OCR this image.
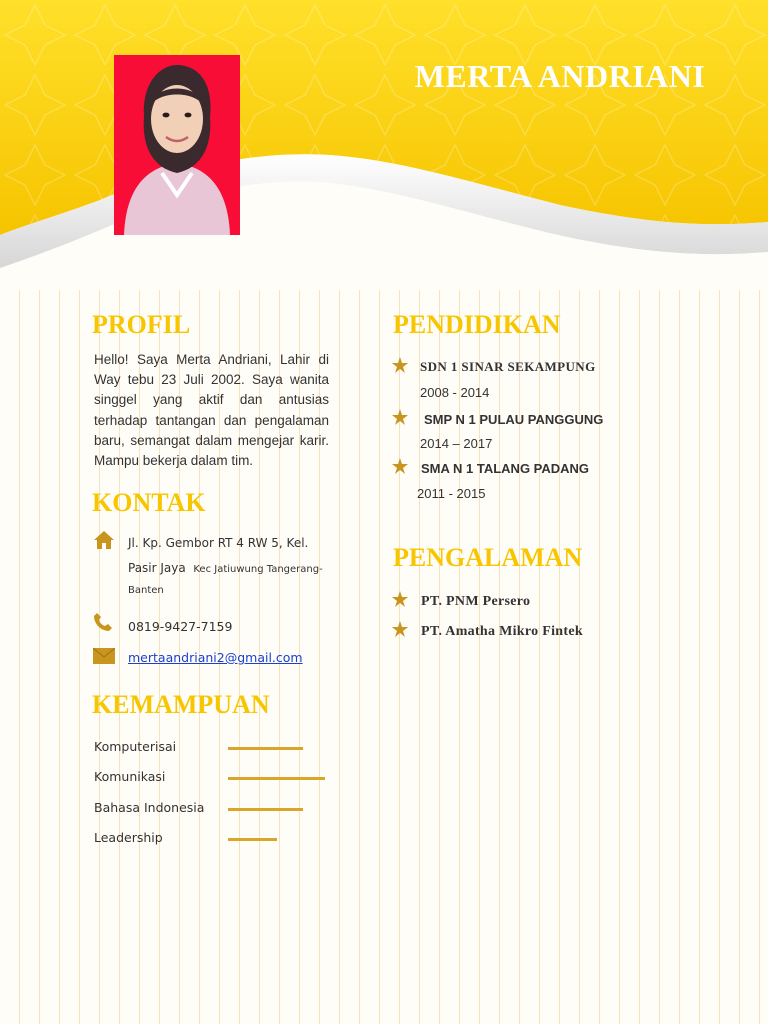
MERTA ANDRIANI
PROFIL
Hello! Saya Merta Andriani, Lahir di Way tebu 23 Juli 2002. Saya wanita singgel yang aktif dan antusias terhadap tantangan dan pengalaman baru, semangat dalam mengejar karir. Mampu bekerja dalam tim.
KONTAK
Jl. Kp. Gembor RT 4 RW 5, Kel.
Pasir Jaya Kec Jatiuwung Tangerang-
Banten
0819-9427-7159
mertaandriani2@gmail.com
KEMAMPUAN
Komputerisai
Komunikasi
Bahasa Indonesia
Leadership
PENDIDIKAN
SDN 1 SINAR SEKAMPUNG
2008 - 2014
SMP N 1 PULAU PANGGUNG
2014 – 2017
SMA N 1 TALANG PADANG
2011 - 2015
PENGALAMAN
PT. PNM Persero
PT. Amatha Mikro Fintek
